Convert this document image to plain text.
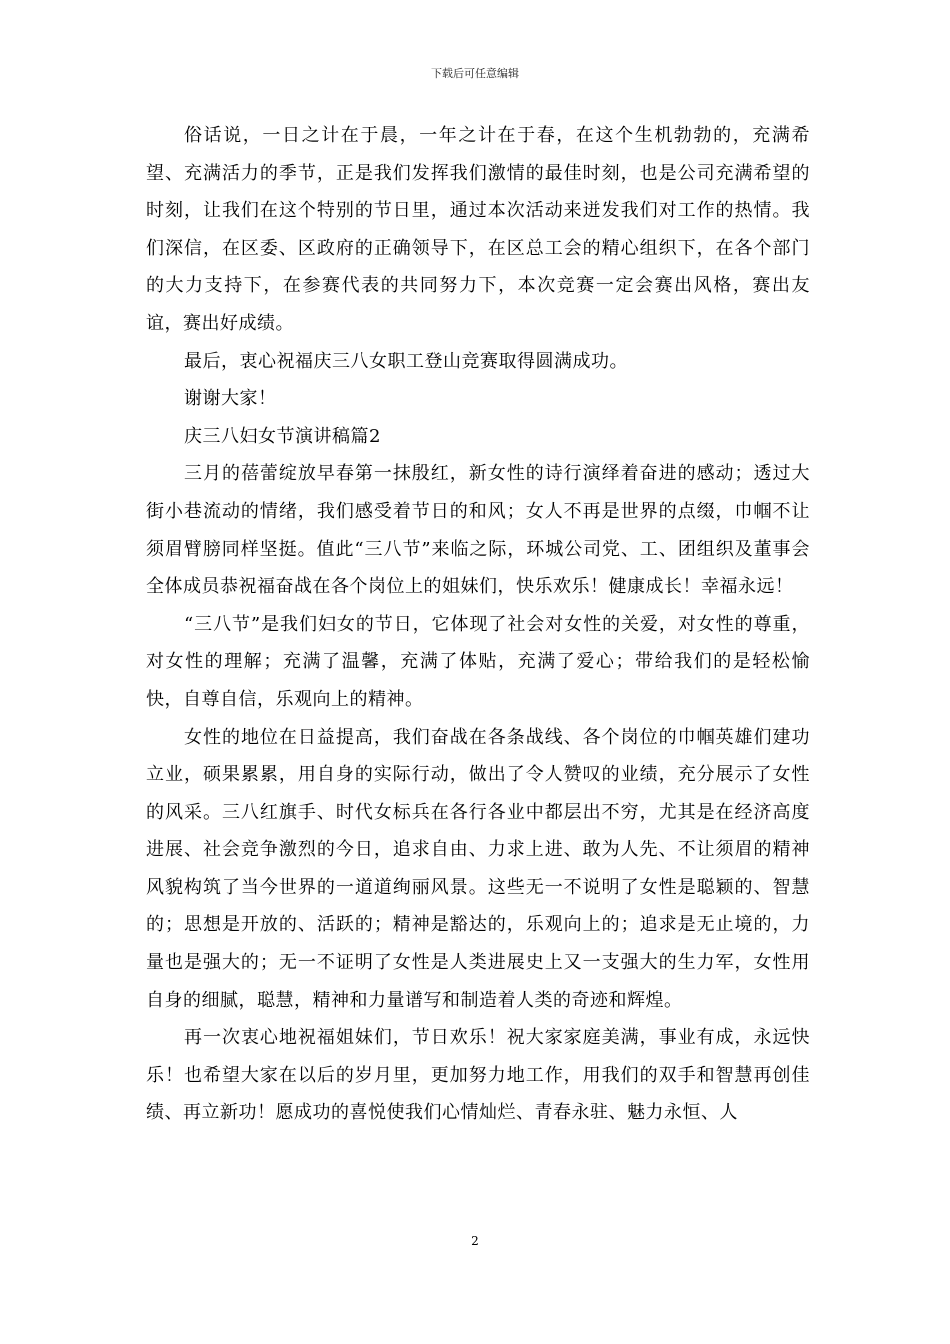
下载后可任意编辑

俗话说，一日之计在于晨，一年之计在于春，在这个生机勃勃的，充满希望、充满活力的季节，正是我们发挥我们激情的最佳时刻，也是公司充满希望的时刻，让我们在这个特别的节日里，通过本次活动来迸发我们对工作的热情。我们深信，在区委、区政府的正确领导下，在区总工会的精心组织下，在各个部门的大力支持下，在参赛代表的共同努力下，本次竞赛一定会赛出风格，赛出友谊，赛出好成绩。

最后，衷心祝福庆三八女职工登山竞赛取得圆满成功。

谢谢大家！

庆三八妇女节演讲稿篇2

三月的蓓蕾绽放早春第一抹殷红，新女性的诗行演绎着奋进的感动；透过大街小巷流动的情绪，我们感受着节日的和风；女人不再是世界的点缀，巾帼不让须眉臂膀同样坚挺。值此“三八节”来临之际，环城公司党、工、团组织及董事会全体成员恭祝福奋战在各个岗位上的姐妹们，快乐欢乐！健康成长！幸福永远！

“三八节”是我们妇女的节日，它体现了社会对女性的关爱，对女性的尊重，对女性的理解；充满了温馨，充满了体贴，充满了爱心；带给我们的是轻松愉快，自尊自信，乐观向上的精神。

女性的地位在日益提高，我们奋战在各条战线、各个岗位的巾帼英雄们建功立业，硕果累累，用自身的实际行动，做出了令人赞叹的业绩，充分展示了女性的风采。三八红旗手、时代女标兵在各行各业中都层出不穷，尤其是在经济高度进展、社会竞争激烈的今日，追求自由、力求上进、敢为人先、不让须眉的精神风貌构筑了当今世界的一道道绚丽风景。这些无一不说明了女性是聪颖的、智慧的；思想是开放的、活跃的；精神是豁达的，乐观向上的；追求是无止境的，力量也是强大的；无一不证明了女性是人类进展史上又一支强大的生力军，女性用自身的细腻，聪慧，精神和力量谱写和制造着人类的奇迹和辉煌。

再一次衷心地祝福姐妹们，节日欢乐！祝大家家庭美满，事业有成，永远快乐！也希望大家在以后的岁月里，更加努力地工作，用我们的双手和智慧再创佳绩、再立新功！愿成功的喜悦使我们心情灿烂、青春永驻、魅力永恒、人

2
